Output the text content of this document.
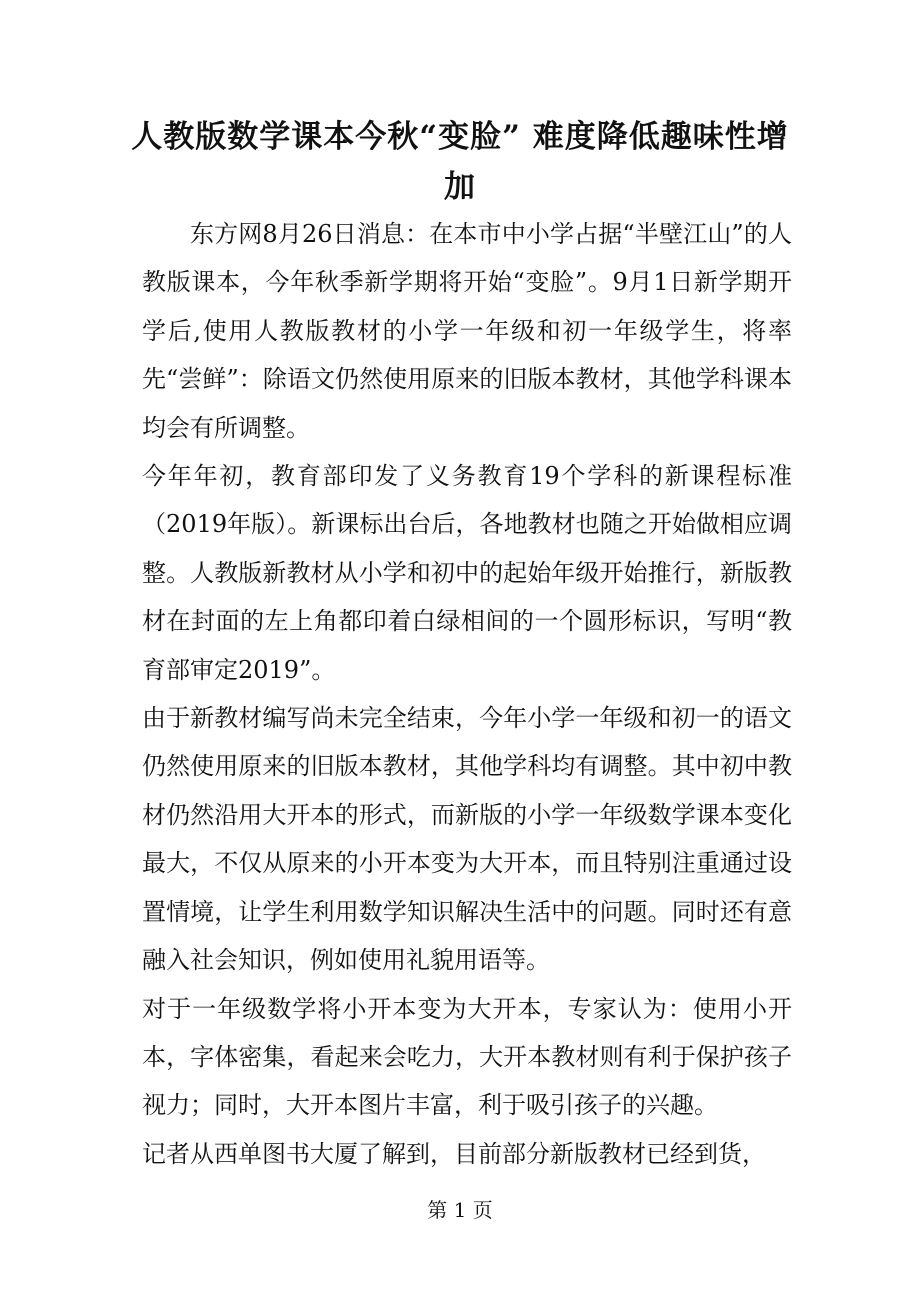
人教版数学课本今秋“变脸” 难度降低趣味性增加

东方网8月26日消息：在本市中小学占据“半壁江山”的人教版课本，今年秋季新学期将开始“变脸”。9月1日新学期开学后,使用人教版教材的小学一年级和初一年级学生，将率先“尝鲜”：除语文仍然使用原来的旧版本教材，其他学科课本均会有所调整。

今年年初，教育部印发了义务教育19个学科的新课程标准（2019年版）。新课标出台后，各地教材也随之开始做相应调整。人教版新教材从小学和初中的起始年级开始推行，新版教材在封面的左上角都印着白绿相间的一个圆形标识，写明“教育部审定2019”。

由于新教材编写尚未完全结束，今年小学一年级和初一的语文仍然使用原来的旧版本教材，其他学科均有调整。其中初中教材仍然沿用大开本的形式，而新版的小学一年级数学课本变化最大，不仅从原来的小开本变为大开本，而且特别注重通过设置情境，让学生利用数学知识解决生活中的问题。同时还有意融入社会知识，例如使用礼貌用语等。

对于一年级数学将小开本变为大开本，专家认为：使用小开本，字体密集，看起来会吃力，大开本教材则有利于保护孩子视力；同时，大开本图片丰富，利于吸引孩子的兴趣。

记者从西单图书大厦了解到，目前部分新版教材已经到货，

第 1 页
